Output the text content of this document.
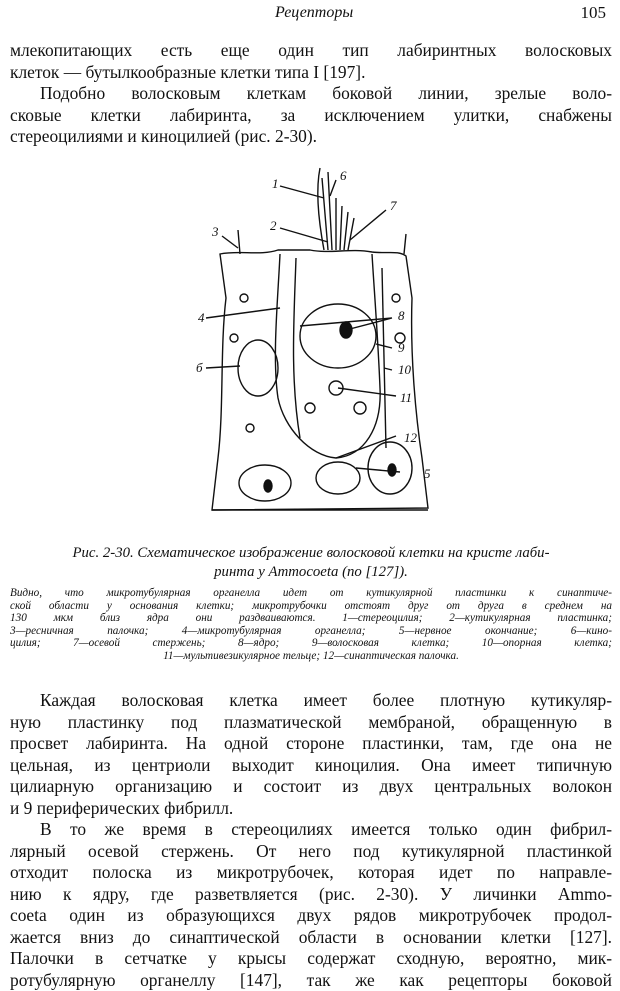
Рецепторы	105
млекопитающих есть еще один тип лабиринтных волосковых
клеток — бутылкообразные клетки типа I [197].
Подобно волосковым клеткам боковой линии, зрелые воло-
сковые клетки лабиринта, за исключением улитки, снабжены
стереоцилиями и киноцилией (рис. 2-30).
1
2
3
4
б
5
6
7
8
9
10
11
12
Рис. 2-30. Схематическое изображение волосковой клетки на кристе лаби-
ринта у Ammocoeta (по [127]).
Видно, что микротубулярная органелла идет от кутикулярной пластинки к синаптиче-
ской области у основания клетки; микротрубочки отстоят друг от друга в среднем на
130 мкм близ ядра они раздваиваются. 1—стереоцилия; 2—кутикулярная пластинка;
3—ресничная палочка; 4—микротубулярная органелла; 5—нервное окончание; 6—кино-
цилия; 7—осевой стержень; 8—ядро; 9—волосковая клетка; 10—опорная клетка;
11—мультивезикулярное тельце; 12—синаптическая палочка.
Каждая волосковая клетка имеет более плотную кутикуляр-
ную пластинку под плазматической мембраной, обращенную в
просвет лабиринта. На одной стороне пластинки, там, где она не
цельная, из центриоли выходит киноцилия. Она имеет типичную
цилиарную организацию и состоит из двух центральных волокон
и 9 периферических фибрилл.
В то же время в стереоцилиях имеется только один фибрил-
лярный осевой стержень. От него под кутикулярной пластинкой
отходит полоска из микротрубочек, которая идет по направле-
нию к ядру, где разветвляется (рис. 2-30). У личинки Ammo-
coeta один из образующихся двух рядов микротрубочек продол-
жается вниз до синаптической области в основании клетки [127].
Палочки в сетчатке у крысы содержат сходную, вероятно, мик-
ротубулярную органеллу [147], так же как рецепторы боковой
